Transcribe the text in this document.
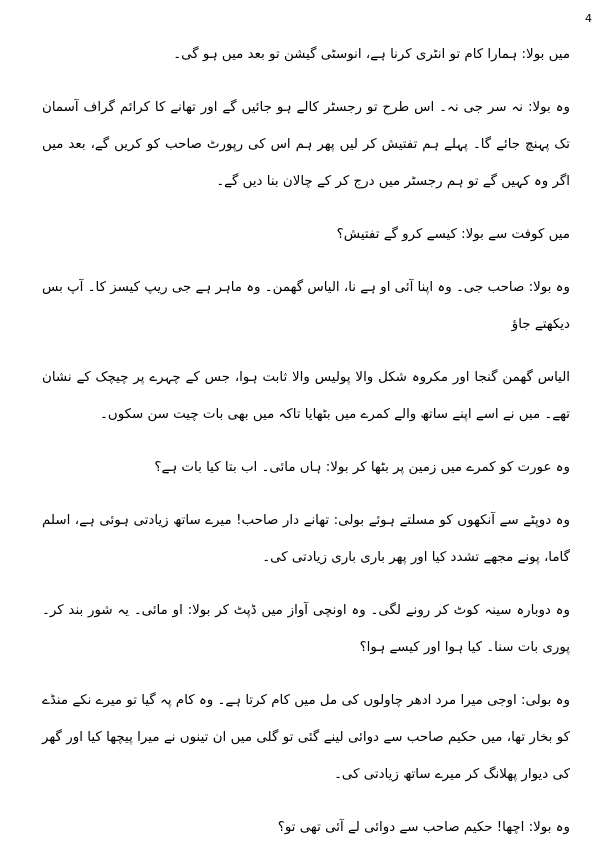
4

میں بولا: ہمارا کام تو انٹری کرنا ہے، انوسٹی گیشن تو بعد میں ہو گی۔

وہ بولا: نہ سر جی نہ۔ اس طرح تو رجسٹر کالے ہو جائیں گے اور تھانے کا کرائم گراف آسمان تک پہنچ جائے گا۔ پہلے ہم تفتیش کر لیں پھر ہم اس کی رپورٹ صاحب کو کریں گے، بعد میں اگر وہ کہیں گے تو ہم رجسٹر میں درج کر کے چالان بنا دیں گے۔

میں کوفت سے بولا: کیسے کرو گے تفتیش؟

وہ بولا: صاحب جی۔ وہ اپنا آئی او ہے نا، الیاس گھمن۔ وہ ماہر ہے جی ریپ کیسز کا۔ آپ بس دیکھتے جاؤ

الیاس گھمن گنجا اور مکروہ شکل والا پولیس والا ثابت ہوا، جس کے چہرے پر چیچک کے نشان تھے۔ میں نے اسے اپنے ساتھ والے کمرے میں بٹھایا تاکہ میں بھی بات چیت سن سکوں۔

وہ عورت کو کمرے میں زمین پر بٹھا کر بولا: ہاں مائی۔ اب بتا کیا بات ہے؟

وہ دوپٹے سے آنکھوں کو مسلتے ہوئے بولی: تھانے دار صاحب! میرے ساتھ زیادتی ہوئی ہے، اسلم گاما، پونے مجھے تشدد کیا اور پھر باری باری زیادتی کی۔

وہ دوبارہ سینہ کوٹ کر رونے لگی۔ وہ اونچی آواز میں ڈپٹ کر بولا: او مائی۔ یہ شور بند کر۔ پوری بات سنا۔ کیا ہوا اور کیسے ہوا؟

وہ بولی: اوجی میرا مرد ادھر چاولوں کی مل میں کام کرتا ہے۔ وہ کام پہ گیا تو میرے نکے منڈے کو بخار تھا، میں حکیم صاحب سے دوائی لینے گئی تو گلی میں ان تینوں نے میرا پیچھا کیا اور گھر کی دیوار پھلانگ کر میرے ساتھ زیادتی کی۔

وہ بولا: اچھا! حکیم صاحب سے دوائی لے آئی تھی تو؟
